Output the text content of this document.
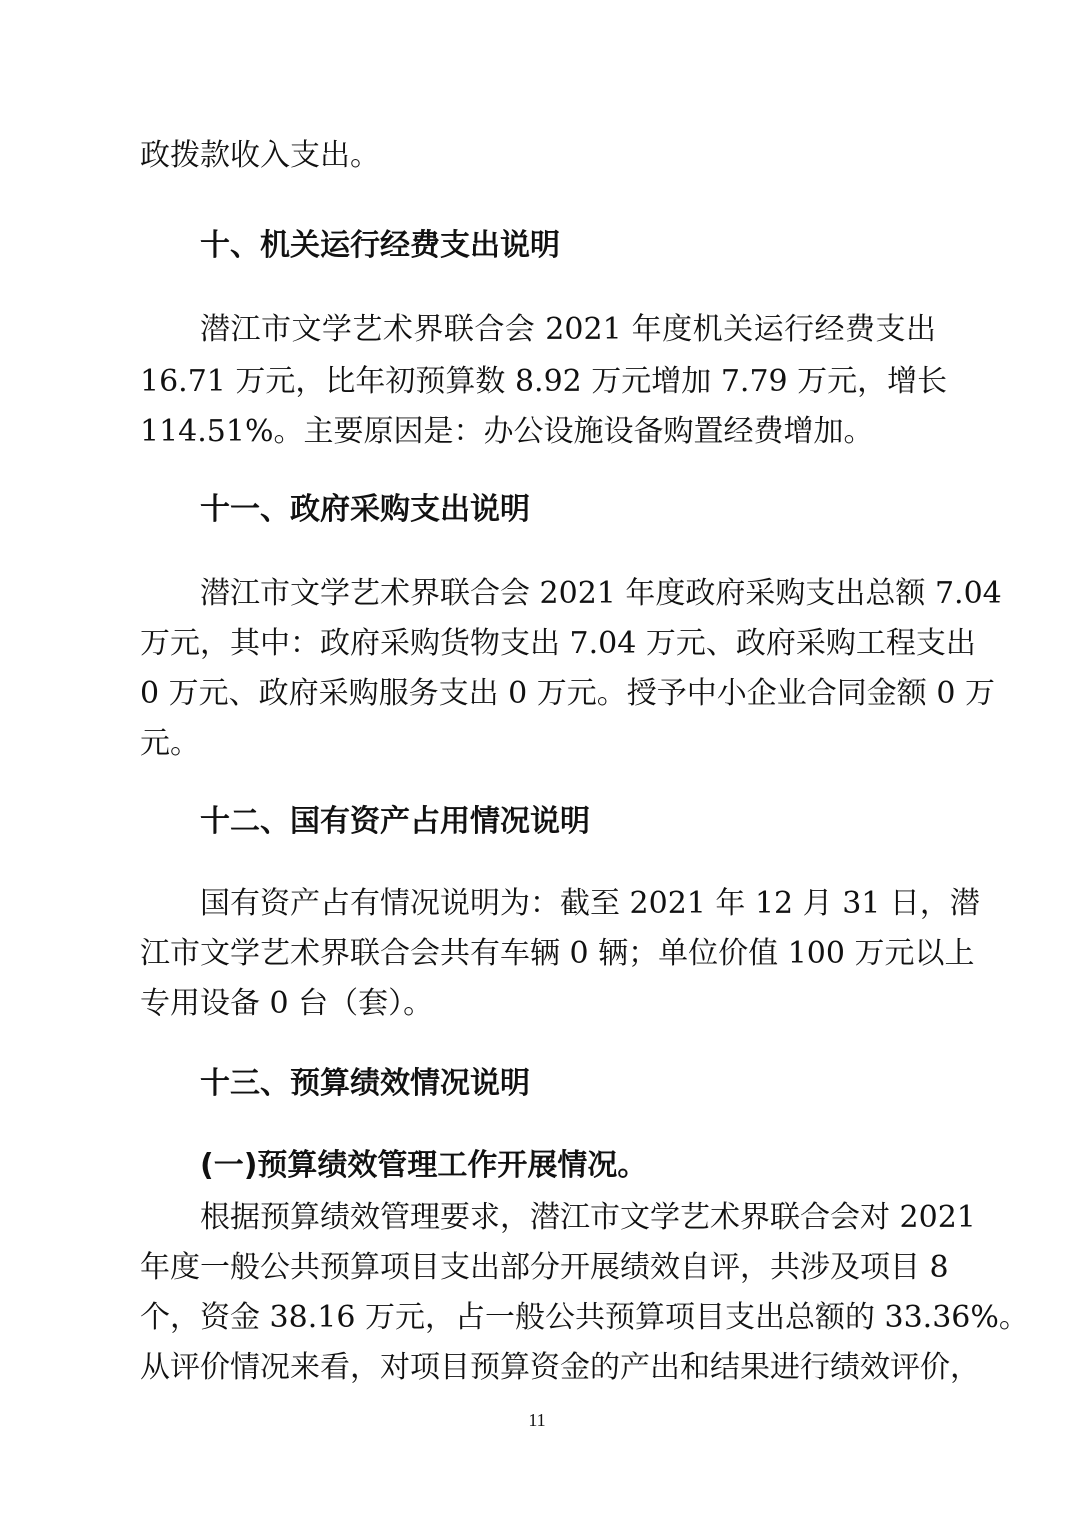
政拨款收入支出。
十、机关运行经费支出说明
潜江市文学艺术界联合会 2021 年度机关运行经费支出
16.71 万元，比年初预算数 8.92 万元增加 7.79 万元，增长
114.51%。主要原因是：办公设施设备购置经费增加。
十一、政府采购支出说明
潜江市文学艺术界联合会 2021 年度政府采购支出总额 7.04
万元，其中：政府采购货物支出 7.04 万元、政府采购工程支出
0 万元、政府采购服务支出 0 万元。授予中小企业合同金额 0 万
元。
十二、国有资产占用情况说明
国有资产占有情况说明为：截至 2021 年 12 月 31 日，潜
江市文学艺术界联合会共有车辆 0 辆；单位价值 100 万元以上
专用设备 0 台（套）。
十三、预算绩效情况说明
(一)预算绩效管理工作开展情况。
根据预算绩效管理要求，潜江市文学艺术界联合会对 2021
年度一般公共预算项目支出部分开展绩效自评，共涉及项目 8
个，资金 38.16 万元，占一般公共预算项目支出总额的 33.36%。
从评价情况来看，对项目预算资金的产出和结果进行绩效评价，
11
